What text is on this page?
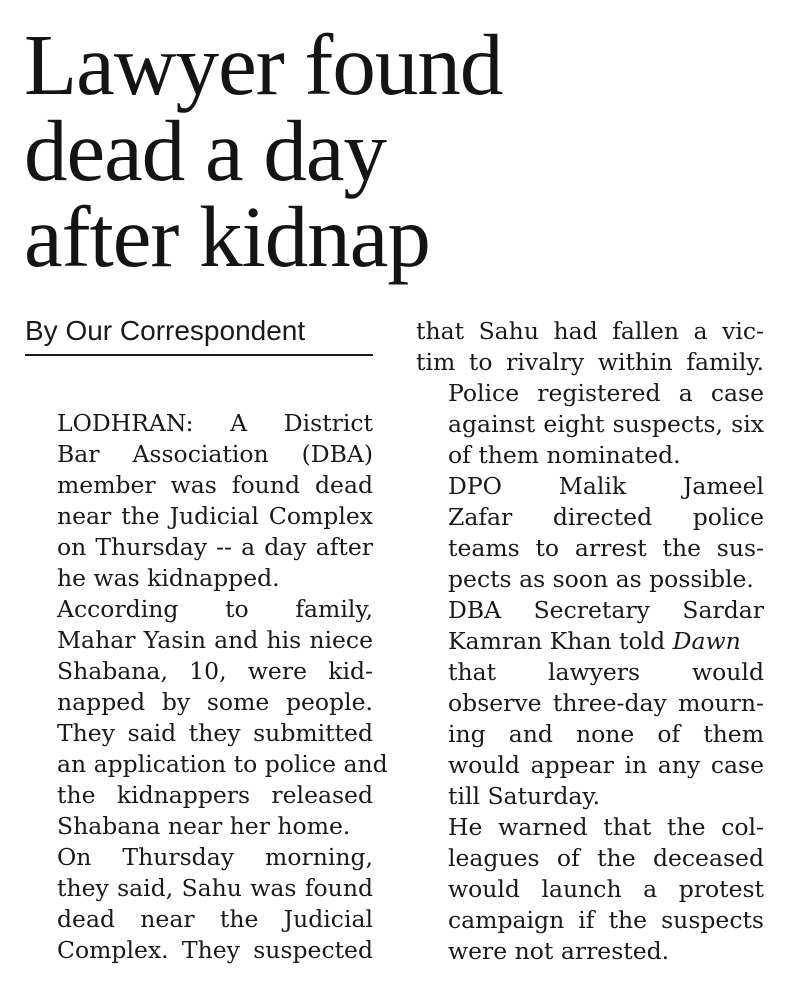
Lawyer found
dead a day
after kidnap
By Our Correspondent

LODHRAN: A District
Bar Association (DBA)
member was found dead
near the Judicial Complex
on Thursday -- a day after
he was kidnapped.

According to family,
Mahar Yasin and his niece
Shabana, 10, were kid-
napped by some people.
They said they submitted
an application to police and
the kidnappers released
Shabana near her home.

On Thursday morning,
they said, Sahu was found
dead near the Judicial
Complex. They suspected

that Sahu had fallen a vic-
tim to rivalry within family.

Police registered a case
against eight suspects, six
of them nominated.

DPO Malik Jameel
Zafar directed police
teams to arrest the sus-
pects as soon as possible.

DBA Secretary Sardar
Kamran Khan told Dawn
that lawyers would
observe three-day mourn-
ing and none of them
would appear in any case
till Saturday.

He warned that the col-
leagues of the deceased
would launch a protest
campaign if the suspects
were not arrested.
